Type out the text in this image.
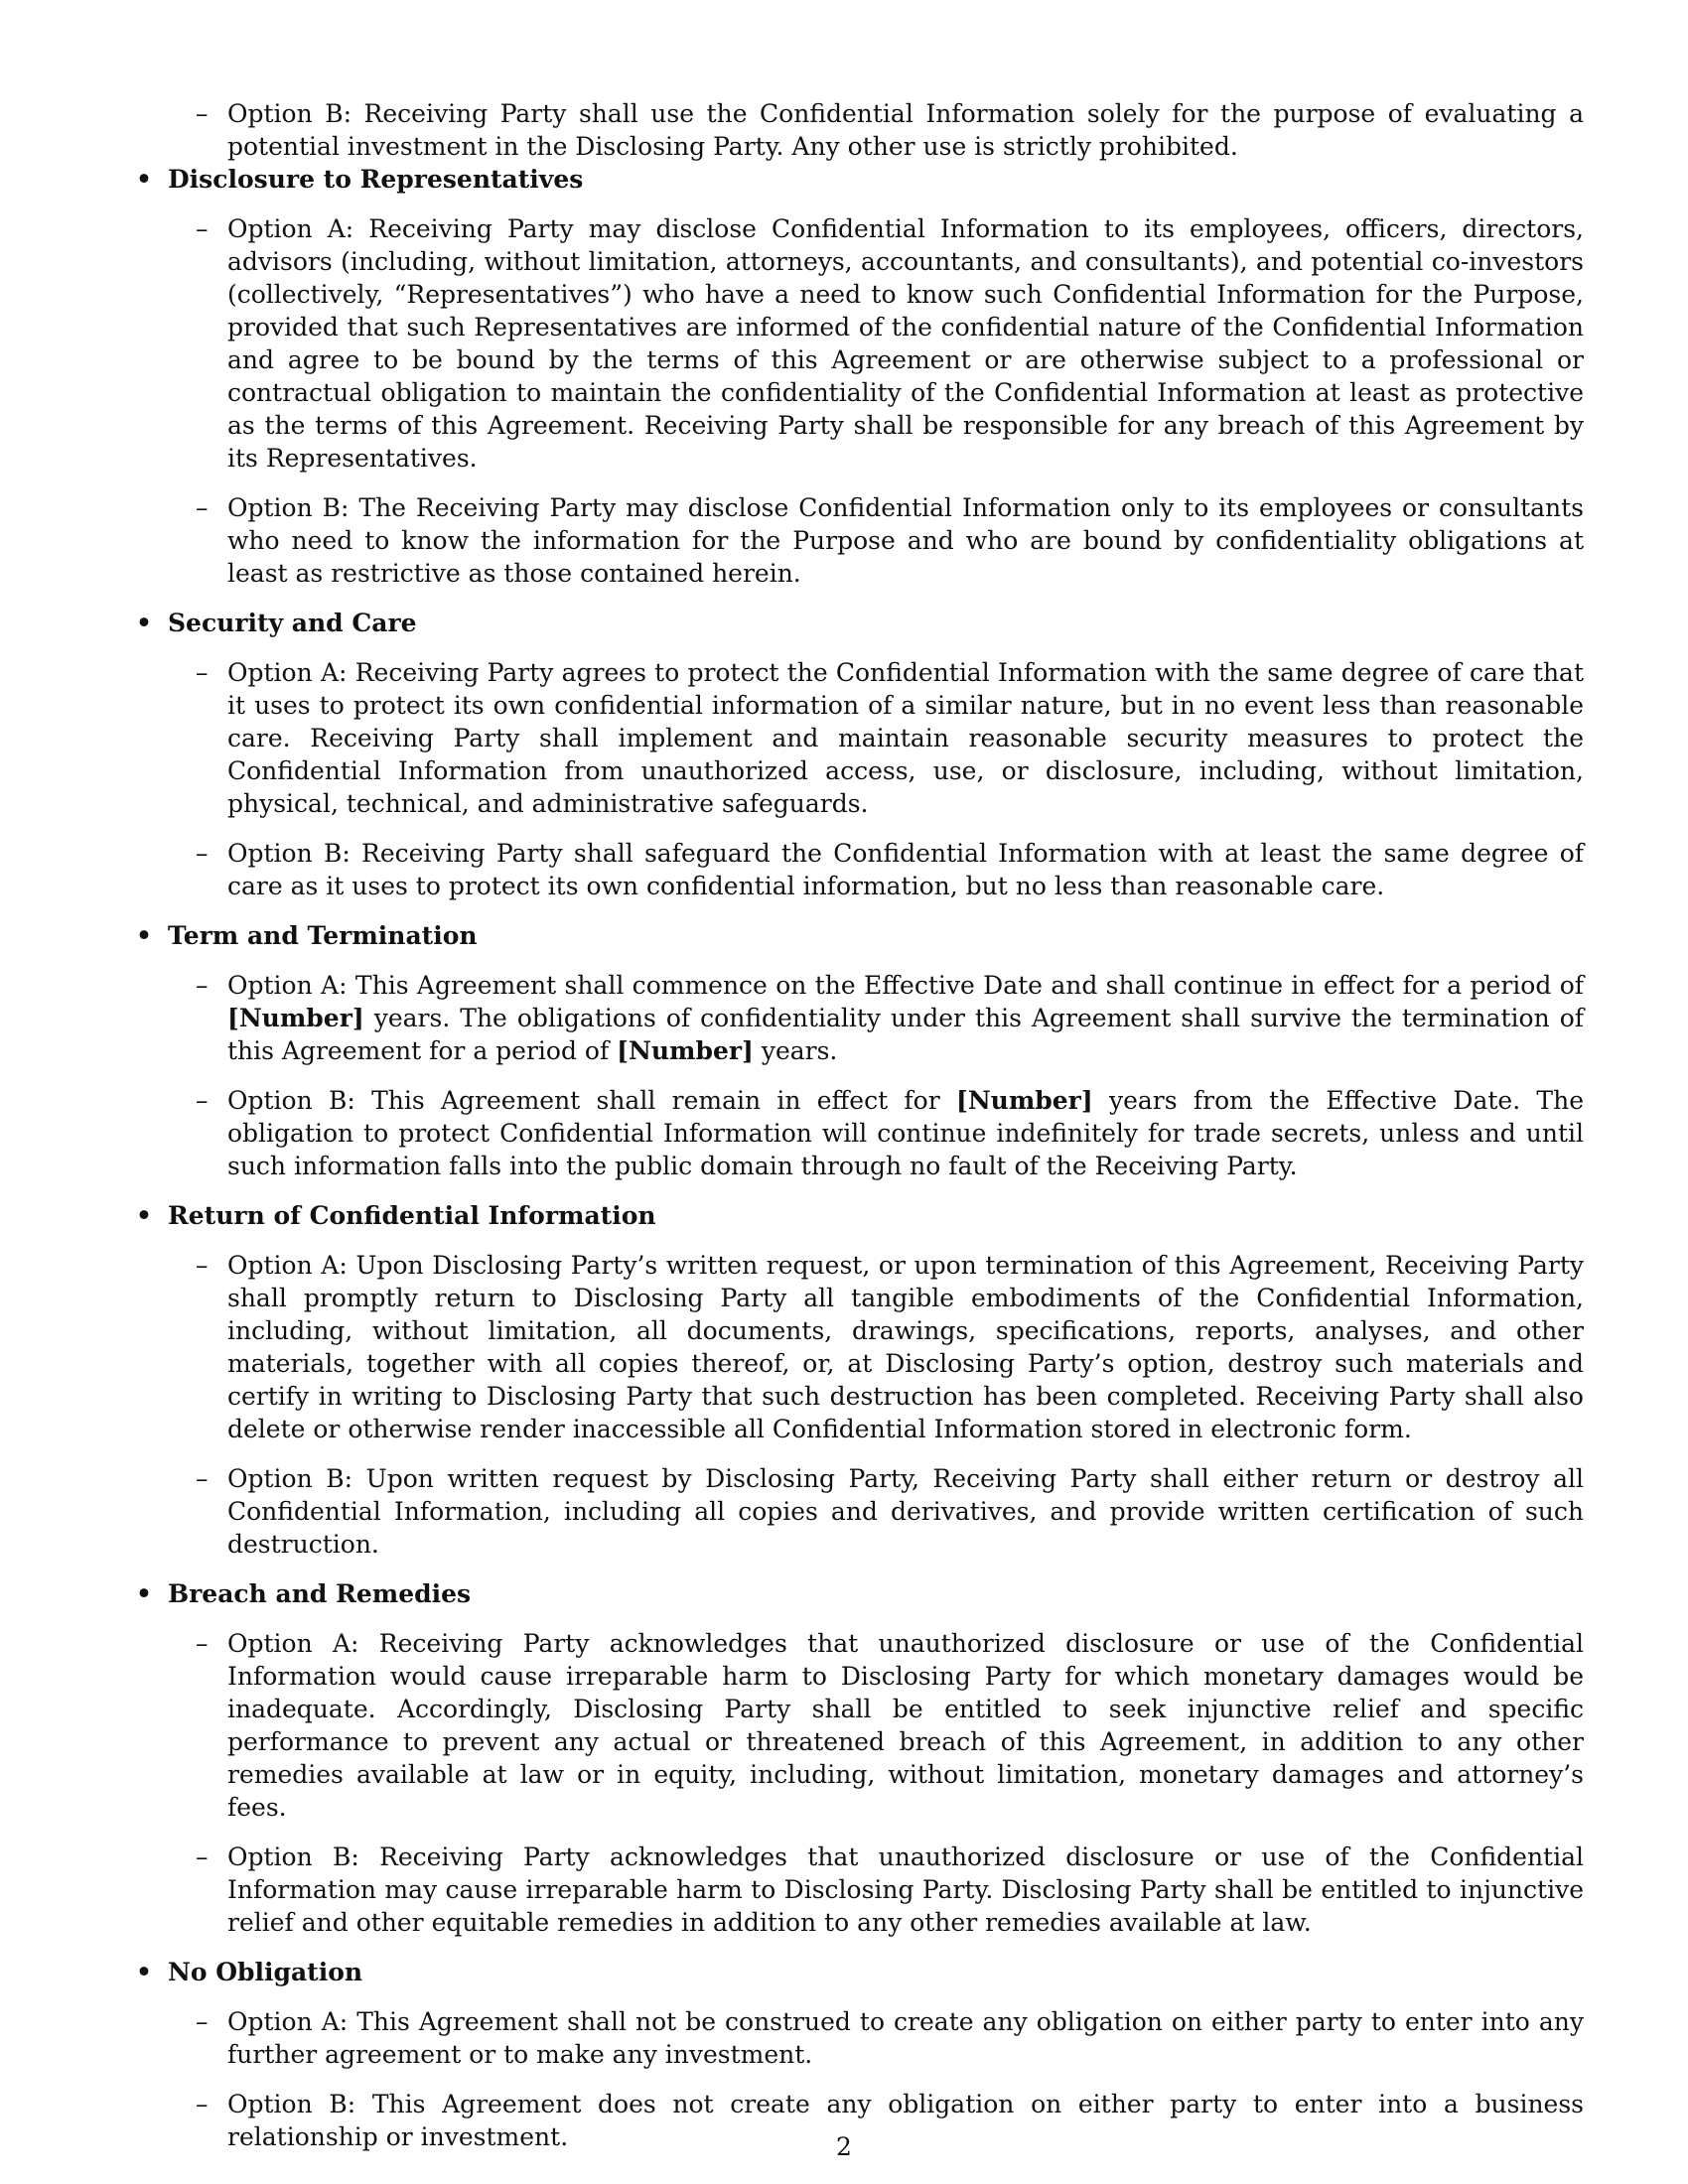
– Option B: Receiving Party shall use the Confidential Information solely for the purpose of evaluating a potential investment in the Disclosing Party. Any other use is strictly prohibited.
• Disclosure to Representatives
– Option A: Receiving Party may disclose Confidential Information to its employees, officers, directors, advisors (including, without limitation, attorneys, accountants, and consultants), and potential co-investors (collectively, “Representatives”) who have a need to know such Confidential Information for the Purpose, provided that such Representatives are informed of the confidential nature of the Confidential Information and agree to be bound by the terms of this Agreement or are otherwise subject to a professional or contractual obligation to maintain the confidentiality of the Confidential Information at least as protective as the terms of this Agreement. Receiving Party shall be responsible for any breach of this Agreement by its Representatives.
– Option B: The Receiving Party may disclose Confidential Information only to its employees or consultants who need to know the information for the Purpose and who are bound by confidentiality obligations at least as restrictive as those contained herein.
• Security and Care
– Option A: Receiving Party agrees to protect the Confidential Information with the same degree of care that it uses to protect its own confidential information of a similar nature, but in no event less than reasonable care. Receiving Party shall implement and maintain reasonable security measures to protect the Confidential Information from unauthorized access, use, or disclosure, including, without limitation, physical, technical, and administrative safeguards.
– Option B: Receiving Party shall safeguard the Confidential Information with at least the same degree of care as it uses to protect its own confidential information, but no less than reasonable care.
• Term and Termination
– Option A: This Agreement shall commence on the Effective Date and shall continue in effect for a period of [Number] years. The obligations of confidentiality under this Agreement shall survive the termination of this Agreement for a period of [Number] years.
– Option B: This Agreement shall remain in effect for [Number] years from the Effective Date. The obligation to protect Confidential Information will continue indefinitely for trade secrets, unless and until such information falls into the public domain through no fault of the Receiving Party.
• Return of Confidential Information
– Option A: Upon Disclosing Party’s written request, or upon termination of this Agreement, Receiving Party shall promptly return to Disclosing Party all tangible embodiments of the Confidential Information, including, without limitation, all documents, drawings, specifications, reports, analyses, and other materials, together with all copies thereof, or, at Disclosing Party’s option, destroy such materials and certify in writing to Disclosing Party that such destruction has been completed. Receiving Party shall also delete or otherwise render inaccessible all Confidential Information stored in electronic form.
– Option B: Upon written request by Disclosing Party, Receiving Party shall either return or destroy all Confidential Information, including all copies and derivatives, and provide written certification of such destruction.
• Breach and Remedies
– Option A: Receiving Party acknowledges that unauthorized disclosure or use of the Confidential Information would cause irreparable harm to Disclosing Party for which monetary damages would be inadequate. Accordingly, Disclosing Party shall be entitled to seek injunctive relief and specific performance to prevent any actual or threatened breach of this Agreement, in addition to any other remedies available at law or in equity, including, without limitation, monetary damages and attorney’s fees.
– Option B: Receiving Party acknowledges that unauthorized disclosure or use of the Confidential Information may cause irreparable harm to Disclosing Party. Disclosing Party shall be entitled to injunctive relief and other equitable remedies in addition to any other remedies available at law.
• No Obligation
– Option A: This Agreement shall not be construed to create any obligation on either party to enter into any further agreement or to make any investment.
– Option B: This Agreement does not create any obligation on either party to enter into a business relationship or investment.	2
